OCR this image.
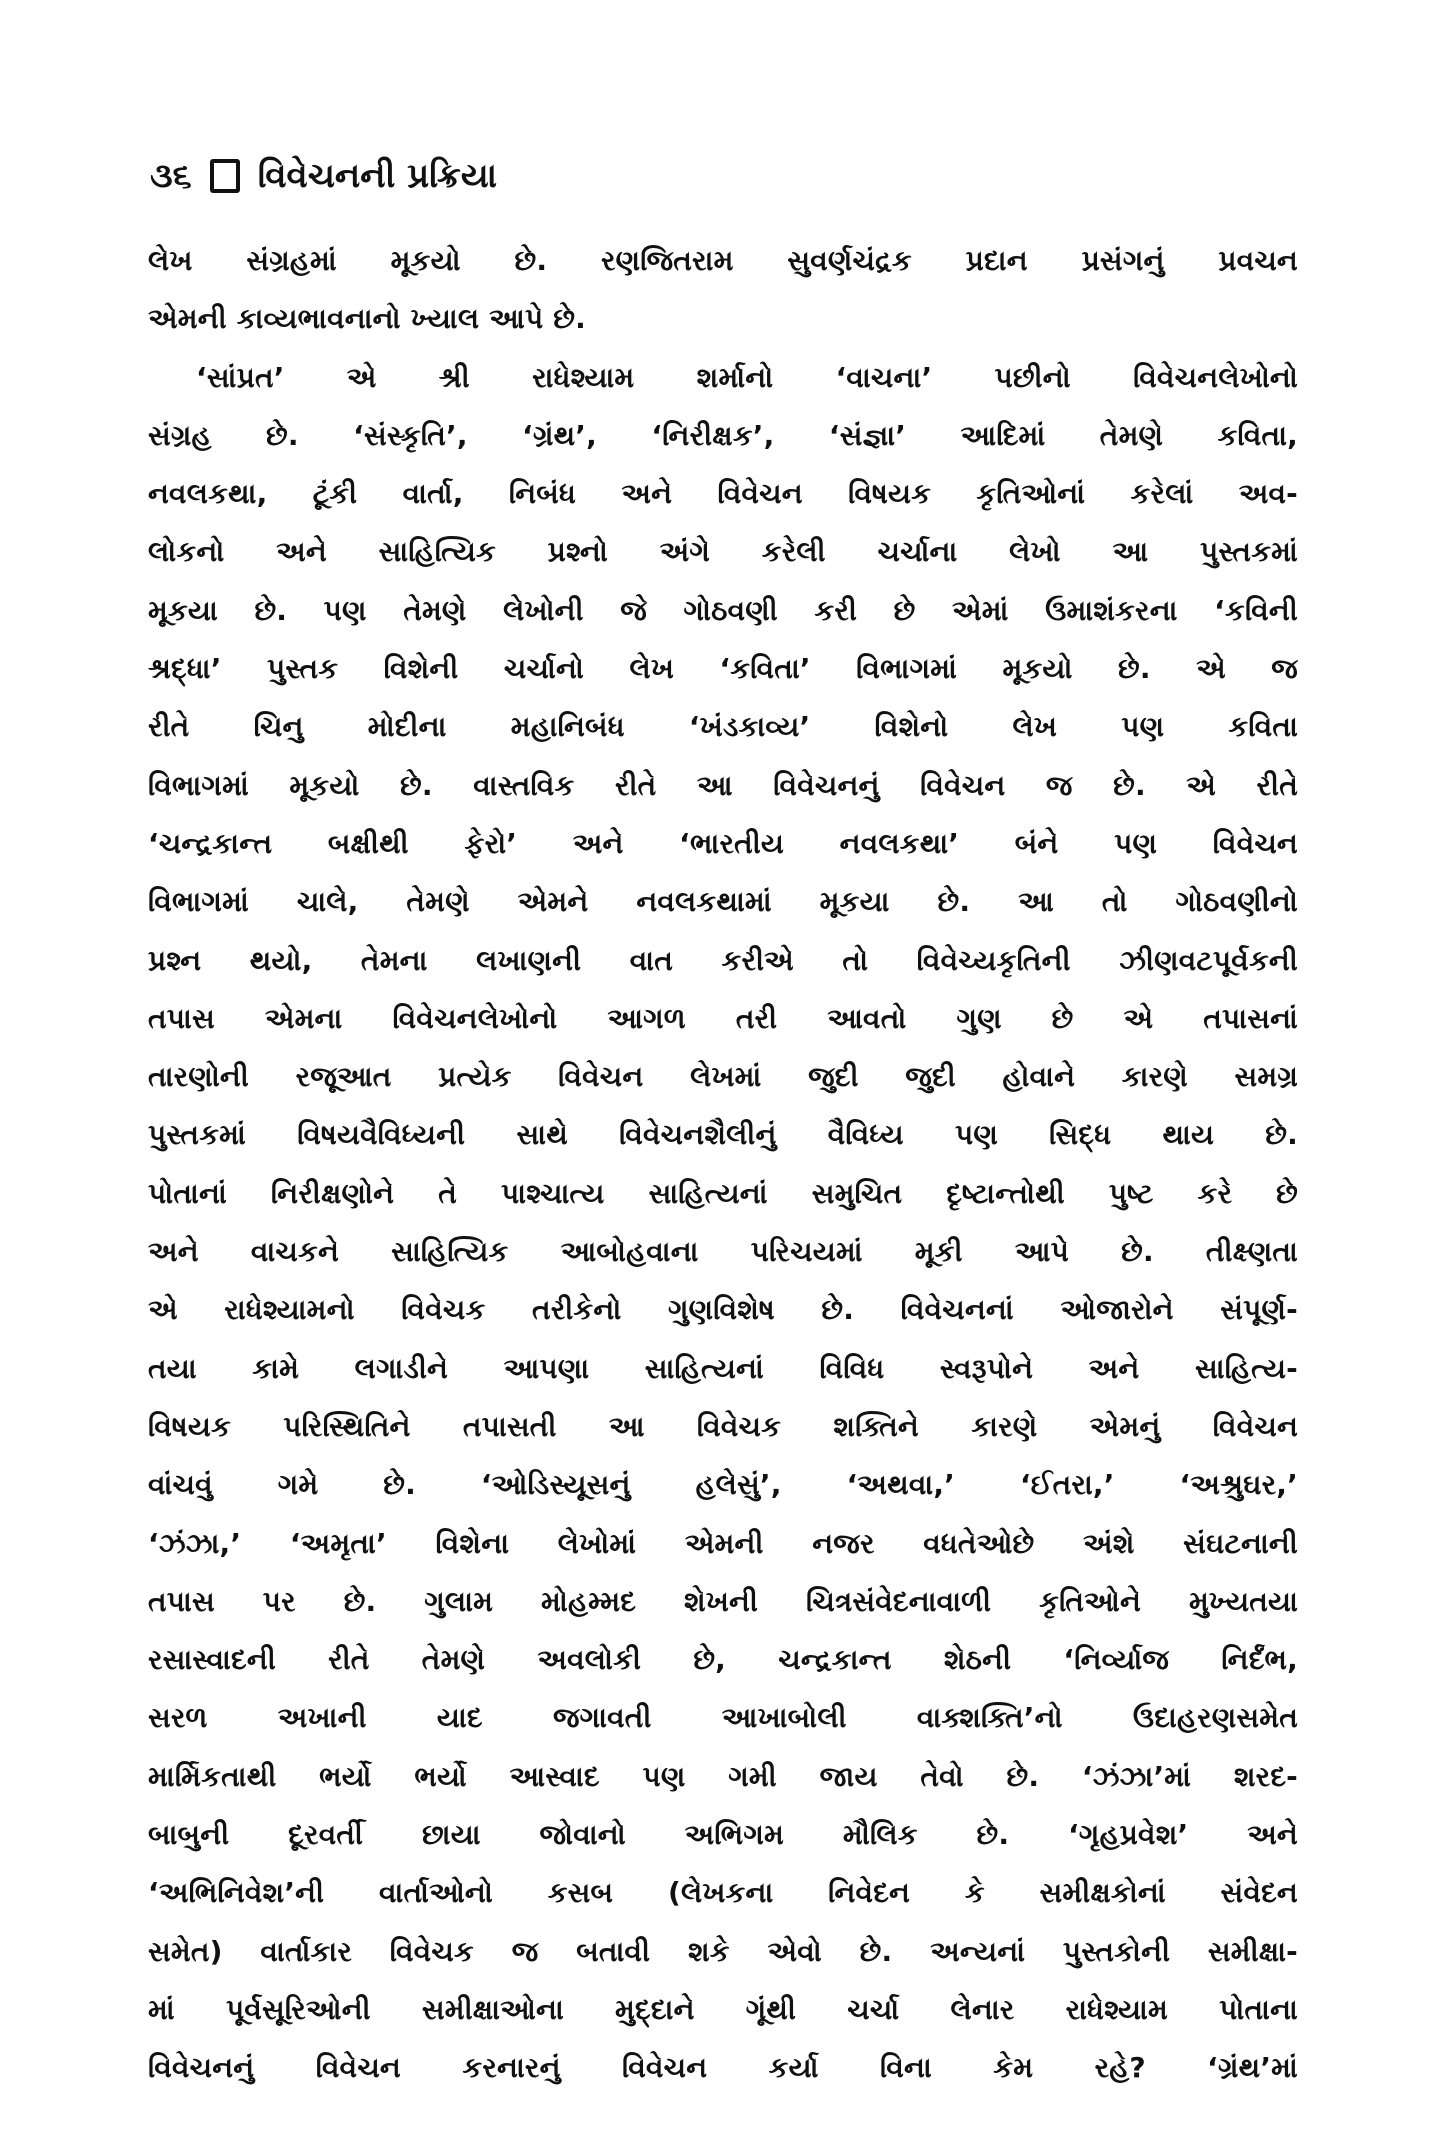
૩૬ વિવેચનની પ્રક્રિયા
લેખ સંગ્રહમાં મૂકયો છે. રણજિતરામ સુવર્ણચંદ્રક પ્રદાન પ્રસંગનું પ્રવચન
એમની કાવ્યભાવનાનો ખ્યાલ આપે છે.
‘સાંપ્રત’ એ શ્રી રાધેશ્યામ શર્માનો ‘વાચના’ પછીનો વિવેચનલેખોનો
સંગ્રહ છે. ‘સંસ્કૃતિ’, ‘ગ્રંથ’, ‘નિરીક્ષક’, ‘સંજ્ઞા’ આદિમાં તેમણે કવિતા,
નવલકથા, ટૂંકી વાર્તા, નિબંધ અને વિવેચન વિષયક કૃતિઓનાં કરેલાં અવ-
લોકનો અને સાહિત્યિક પ્રશ્નો અંગે કરેલી ચર્ચાના લેખો આ પુસ્તકમાં
મૂકયા છે. પણ તેમણે લેખોની જે ગોઠવણી કરી છે એમાં ઉમાશંકરના ‘કવિની
શ્રદ્ધા’ પુસ્તક વિશેની ચર્ચાનો લેખ ‘કવિતા’ વિભાગમાં મૂકયો છે. એ જ
રીતે ચિનુ મોદીના મહાનિબંધ ‘ખંડકાવ્ય’ વિશેનો લેખ પણ કવિતા
વિભાગમાં મૂકયો છે. વાસ્તવિક રીતે આ વિવેચનનું વિવેચન જ છે. એ રીતે
‘ચન્દ્રકાન્ત બક્ષીથી ફેરો’ અને ‘ભારતીય નવલકથા’ બંને પણ વિવેચન
વિભાગમાં ચાલે, તેમણે એમને નવલકથામાં મૂકયા છે. આ તો ગોઠવણીનો
પ્રશ્ન થયો, તેમના લખાણની વાત કરીએ તો વિવેચ્યકૃતિની ઝીણવટપૂર્વકની
તપાસ એમના વિવેચનલેખોનો આગળ તરી આવતો ગુણ છે એ તપાસનાં
તારણોની રજૂઆત પ્રત્યેક વિવેચન લેખમાં જુદી જુદી હોવાને કારણે સમગ્ર
પુસ્તકમાં વિષયવૈવિધ્યની સાથે વિવેચનશૈલીનું વૈવિધ્ય પણ સિદ્ધ થાય છે.
પોતાનાં નિરીક્ષણોને તે પાશ્ચાત્ય સાહિત્યનાં સમુચિત દૃષ્ટાન્તોથી પુષ્ટ કરે છે
અને વાચકને સાહિત્યિક આબોહવાના પરિચયમાં મૂકી આપે છે. તીક્ષ્ણતા
એ રાધેશ્યામનો વિવેચક તરીકેનો ગુણવિશેષ છે. વિવેચનનાં ઓજારોને સંપૂર્ણ-
તયા કામે લગાડીને આપણા સાહિત્યનાં વિવિધ સ્વરૂપોને અને સાહિત્ય-
વિષયક પરિસ્થિતિને તપાસતી આ વિવેચક શક્તિને કારણે એમનું વિવેચન
વાંચવું ગમે છે. ‘ઓડિસ્યૂસનું હલેસું’, ‘અથવા,’ ‘ઈતરા,’ ‘અશ્રુઘર,’
‘ઝંઝા,’ ‘અમૃતા’ વિશેના લેખોમાં એમની નજર વધતેઓછે અંશે સંઘટનાની
તપાસ પર છે. ગુલામ મોહમ્મદ શેખની ચિત્રસંવેદનાવાળી કૃતિઓને મુખ્યતયા
રસાસ્વાદની રીતે તેમણે અવલોકી છે, ચન્દ્રકાન્ત શેઠની ‘નિર્વ્યાજ નિર્દંભ,
સરળ અખાની યાદ જગાવતી આખાબોલી વાક્શક્તિ’નો ઉદાહરણસમેત
માર્મિકતાથી ભર્યો ભર્યો આસ્વાદ પણ ગમી જાય તેવો છે. ‘ઝંઝા’માં શરદ-
બાબુની દૂરવર્તી છાયા જોવાનો અભિગમ મૌલિક છે. ‘ગૃહપ્રવેશ’ અને
‘અભિનિવેશ’ની વાર્તાઓનો કસબ (લેખકના નિવેદન કે સમીક્ષકોનાં સંવેદન
સમેત) વાર્તાકાર વિવેચક જ બતાવી શકે એવો છે. અન્યનાં પુસ્તકોની સમીક્ષા-
માં પૂર્વસૂરિઓની સમીક્ષાઓના મુદ્દાને ગૂંથી ચર્ચા લેનાર રાધેશ્યામ પોતાના
વિવેચનનું વિવેચન કરનારનું વિવેચન કર્યા વિના કેમ રહે? ‘ગ્રંથ’માં
